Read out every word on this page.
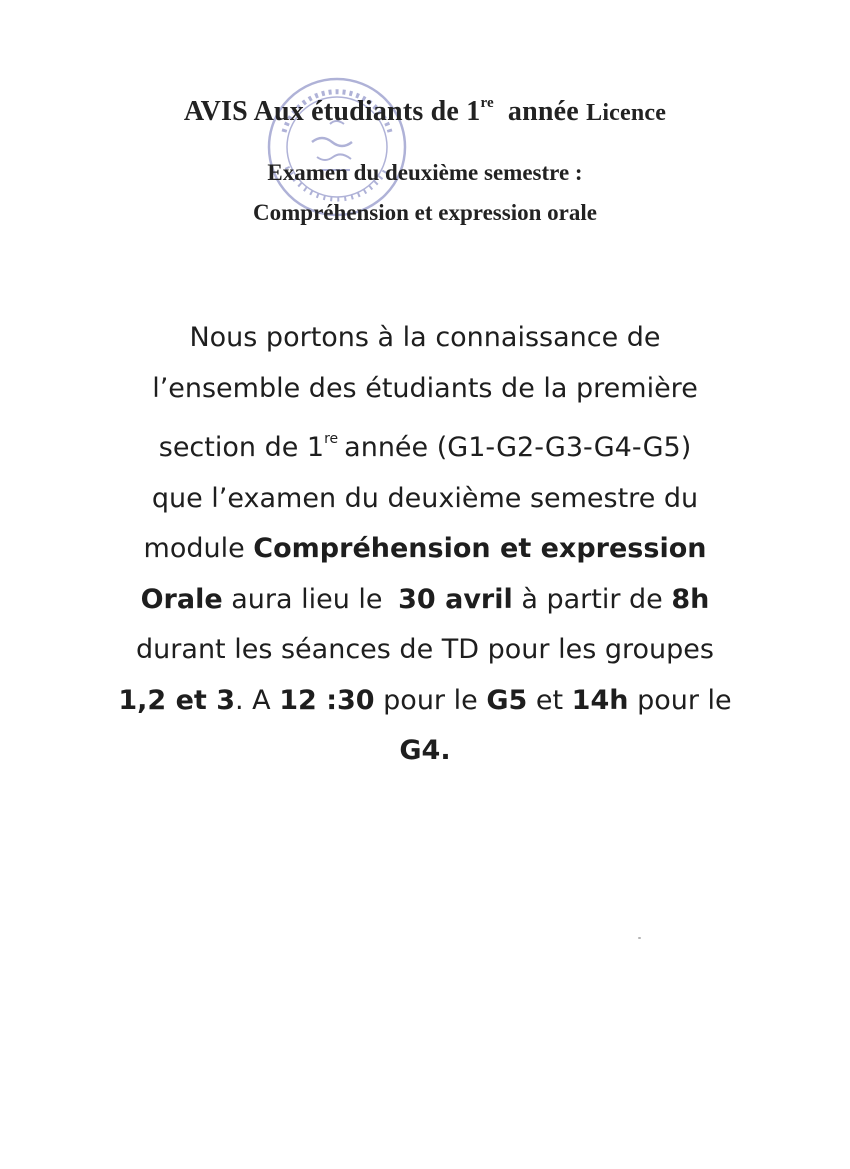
AVIS Aux étudiants de 1re année Licence
Examen du deuxième semestre :
Compréhension et expression orale
Nous portons à la connaissance de
l’ensemble des étudiants de la première
section de 1re année (G1-G2-G3-G4-G5)
que l’examen du deuxième semestre du
module Compréhension et expression
Orale aura lieu le 30 avril à partir de 8h
durant les séances de TD pour les groupes
1,2 et 3. A 12 :30 pour le G5 et 14h pour le
G4.
